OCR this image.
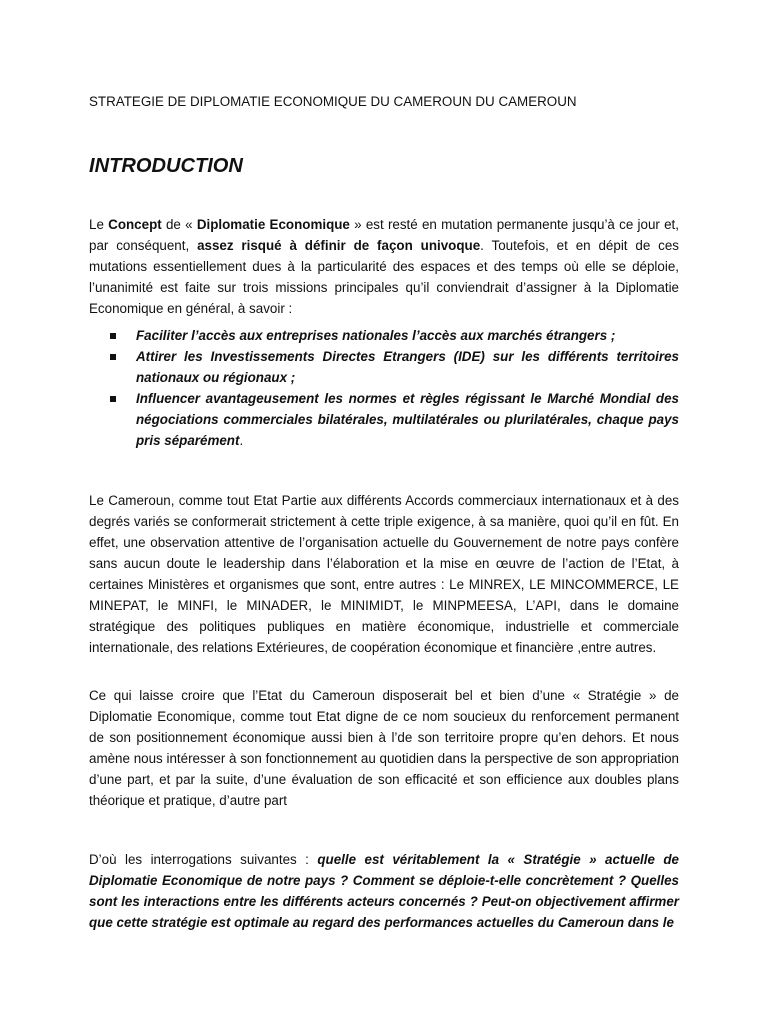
STRATEGIE DE DIPLOMATIE ECONOMIQUE DU CAMEROUN DU CAMEROUN
INTRODUCTION

Le Concept de « Diplomatie Economique » est resté en mutation permanente jusqu’à ce jour et, par conséquent, assez risqué à définir de façon univoque. Toutefois, et en dépit de ces mutations essentiellement dues à la particularité des espaces et des temps où elle se déploie, l’unanimité est faite sur trois missions principales qu’il conviendrait d’assigner à la Diplomatie Economique en général, à savoir :

Faciliter l’accès aux entreprises nationales l’accès aux marchés étrangers ;
Attirer les Investissements Directes Etrangers (IDE) sur les différents territoires nationaux ou régionaux ;
Influencer avantageusement les normes et règles régissant le Marché Mondial des négociations commerciales bilatérales, multilatérales ou plurilatérales, chaque pays pris séparément.

Le Cameroun, comme tout Etat Partie aux différents Accords commerciaux internationaux et à des degrés variés se conformerait strictement à cette triple exigence, à sa manière, quoi qu’il en fût. En effet, une observation attentive de l’organisation actuelle du Gouvernement de notre pays confère sans aucun doute le leadership dans l’élaboration et la mise en œuvre de l’action de l’Etat, à certaines Ministères et organismes que sont, entre autres : Le MINREX, LE MINCOMMERCE, LE MINEPAT, le MINFI, le MINADER, le MINIMIDT, le MINPMEESA, L’API, dans le domaine stratégique des politiques publiques en matière économique, industrielle et commerciale internationale, des relations Extérieures, de coopération économique et financière ,entre autres.

Ce qui laisse croire que l’Etat du Cameroun disposerait bel et bien d’une « Stratégie » de Diplomatie Economique, comme tout Etat digne de ce nom soucieux du renforcement permanent de son positionnement économique aussi bien à l’de son territoire propre qu’en dehors. Et nous amène nous intéresser à son fonctionnement au quotidien dans la perspective de son appropriation d’une part, et par la suite, d’une évaluation de son efficacité et son efficience aux doubles plans théorique et pratique, d’autre part

D’où les interrogations suivantes : quelle est véritablement la « Stratégie » actuelle de Diplomatie Economique de notre pays ? Comment se déploie-t-elle concrètement ? Quelles sont les interactions entre les différents acteurs concernés ? Peut-on objectivement affirmer que cette stratégie est optimale au regard des performances actuelles du Cameroun dans le
